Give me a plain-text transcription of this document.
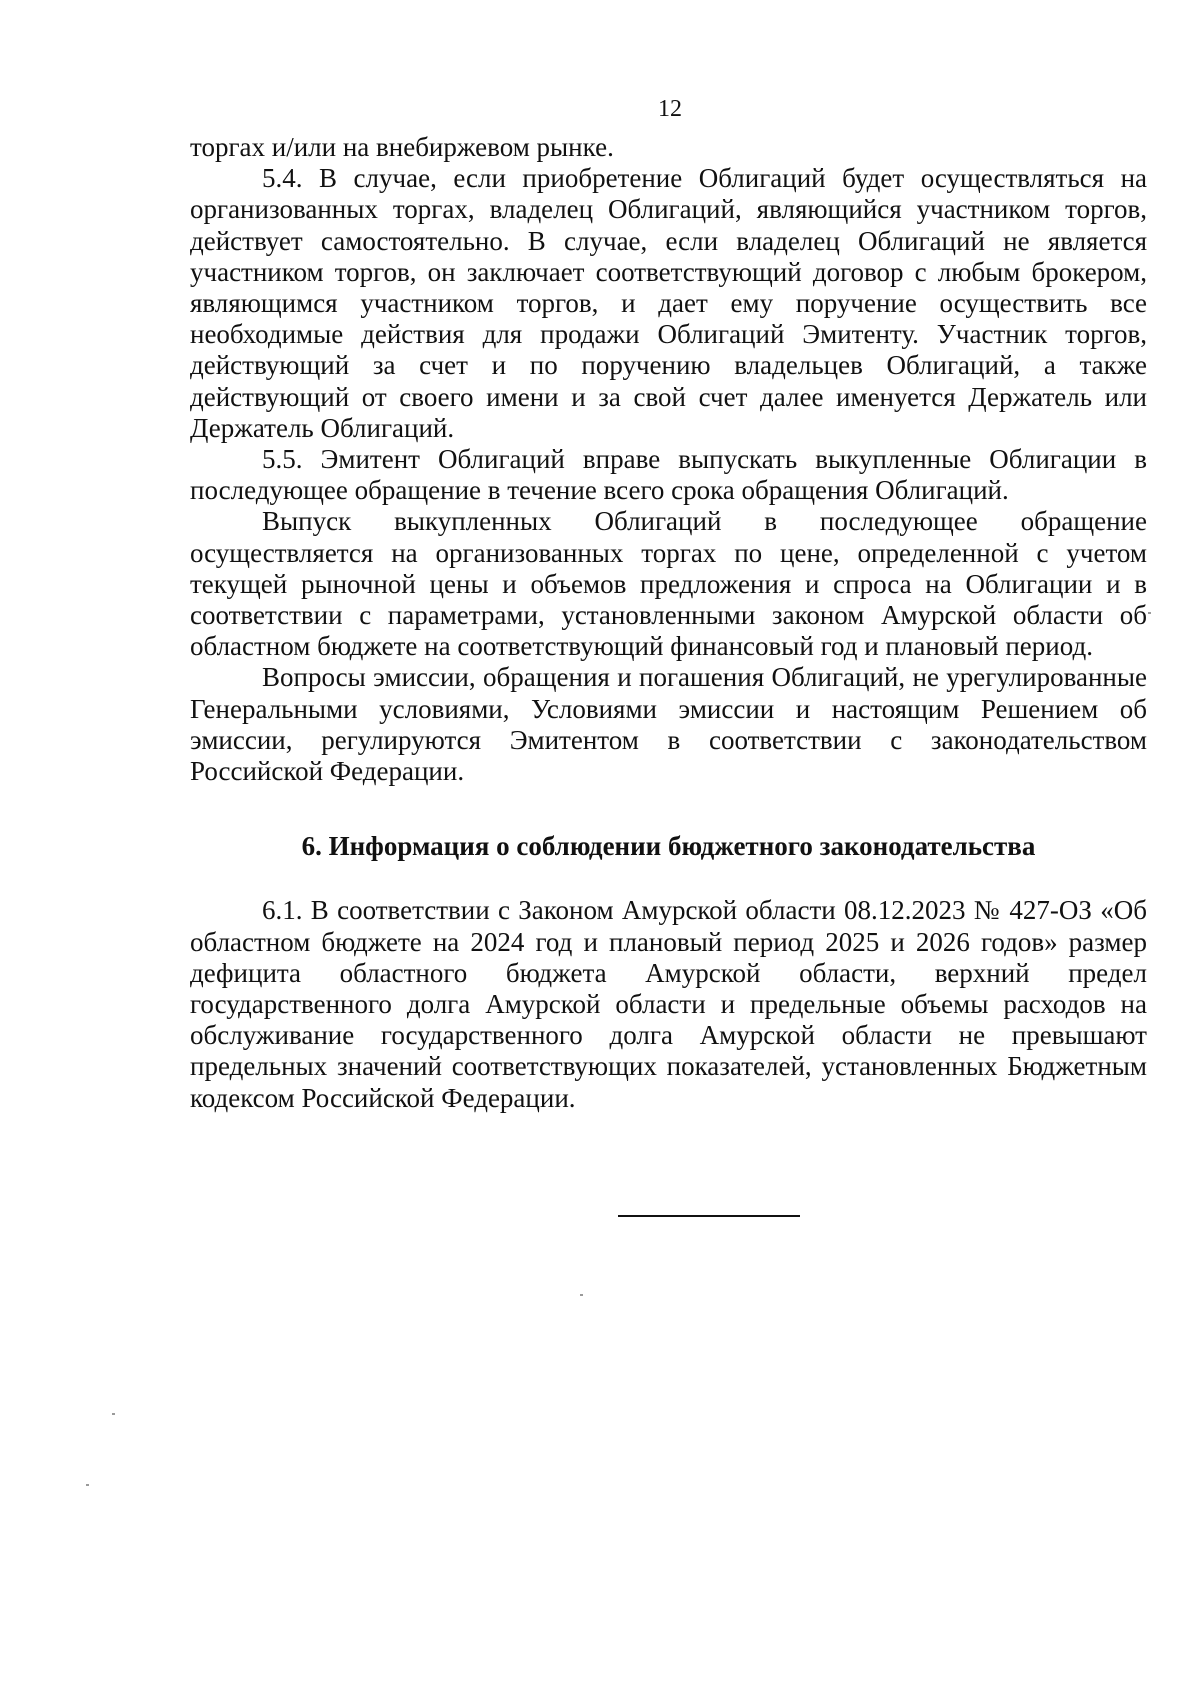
12

торгах и/или на внебиржевом рынке.

5.4. В случае, если приобретение Облигаций будет осуществляться на организованных торгах, владелец Облигаций, являющийся участником торгов, действует самостоятельно. В случае, если владелец Облигаций не является участником торгов, он заключает соответствующий договор с любым брокером, являющимся участником торгов, и дает ему поручение осуществить все необходимые действия для продажи Облигаций Эмитенту. Участник торгов, действующий за счет и по поручению владельцев Облигаций, а также действующий от своего имени и за свой счет далее именуется Держатель или Держатель Облигаций.

5.5. Эмитент Облигаций вправе выпускать выкупленные Облигации в последующее обращение в течение всего срока обращения Облигаций.

Выпуск выкупленных Облигаций в последующее обращение осуществляется на организованных торгах по цене, определенной с учетом текущей рыночной цены и объемов предложения и спроса на Облигации и в соответствии с параметрами, установленными законом Амурской области об областном бюджете на соответствующий финансовый год и плановый период.

Вопросы эмиссии, обращения и погашения Облигаций, не урегулированные Генеральными условиями, Условиями эмиссии и настоящим Решением об эмиссии, регулируются Эмитентом в соответствии с законодательством Российской Федерации.

6. Информация о соблюдении бюджетного законодательства

6.1. В соответствии с Законом Амурской области 08.12.2023 № 427-ОЗ «Об областном бюджете на 2024 год и плановый период 2025 и 2026 годов» размер дефицита областного бюджета Амурской области, верхний предел государственного долга Амурской области и предельные объемы расходов на обслуживание государственного долга Амурской области не превышают предельных значений соответствующих показателей, установленных Бюджетным кодексом Российской Федерации.
